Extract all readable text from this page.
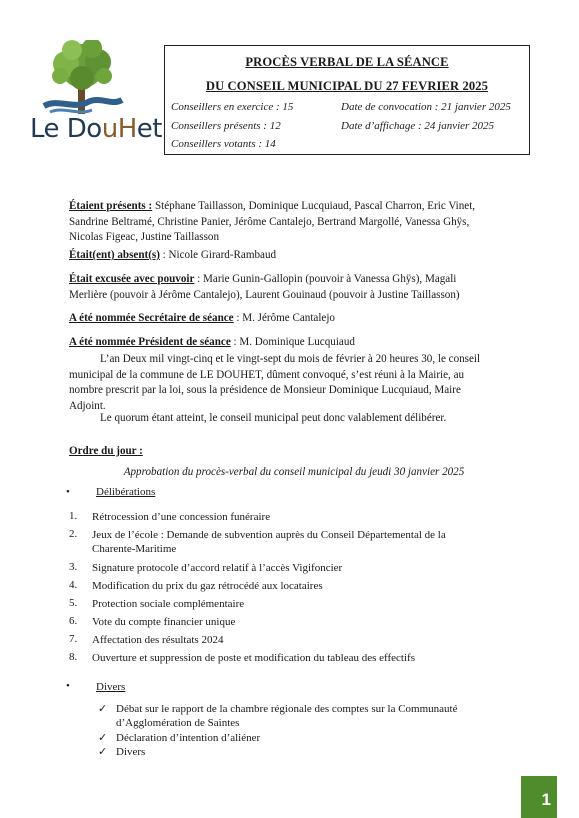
Le DouHet
PROCÈS VERBAL DE LA SÉANCE
DU CONSEIL MUNICIPAL DU 27 FEVRIER 2025
Conseillers en exercice : 15
Conseillers présents : 12
Conseillers votants : 14
Date de convocation : 21 janvier 2025
Date d’affichage : 24 janvier 2025
Étaient présents : Stéphane Taillasson, Dominique Lucquiaud, Pascal Charron, Eric Vinet,
Sandrine Beltramé, Christine Panier, Jérôme Cantalejo, Bertrand Margollé, Vanessa Ghÿs,
Nicolas Figeac, Justine Taillasson
Était(ent) absent(s) : Nicole Girard-Rambaud
Était excusée avec pouvoir : Marie Gunin-Gallopin (pouvoir à Vanessa Ghÿs), Magali
Merlière (pouvoir à Jérôme Cantalejo), Laurent Gouinaud (pouvoir à Justine Taillasson)
A été nommée Secrétaire de séance : M. Jérôme Cantalejo
A été nommée Président de séance : M. Dominique Lucquiaud
L’an Deux mil vingt-cinq et le vingt-sept du mois de février à 20 heures 30, le conseil
municipal de la commune de LE DOUHET, dûment convoqué, s’est réuni à la Mairie, au
nombre prescrit par la loi, sous la présidence de Monsieur Dominique Lucquiaud, Maire
Adjoint.
Le quorum étant atteint, le conseil municipal peut donc valablement délibérer.
Ordre du jour :
Approbation du procès-verbal du conseil municipal du jeudi 30 janvier 2025
• Délibérations
1. Rétrocession d’une concession funéraire
2. Jeux de l’école : Demande de subvention auprès du Conseil Départemental de la
Charente-Maritime
3. Signature protocole d’accord relatif à l’accès Vigifoncier
4. Modification du prix du gaz rétrocédé aux locataires
5. Protection sociale complémentaire
6. Vote du compte financier unique
7. Affectation des résultats 2024
8. Ouverture et suppression de poste et modification du tableau des effectifs
• Divers
✓ Débat sur le rapport de la chambre régionale des comptes sur la Communauté
d’Agglomération de Saintes
✓ Déclaration d’intention d’aliéner
✓ Divers
1
